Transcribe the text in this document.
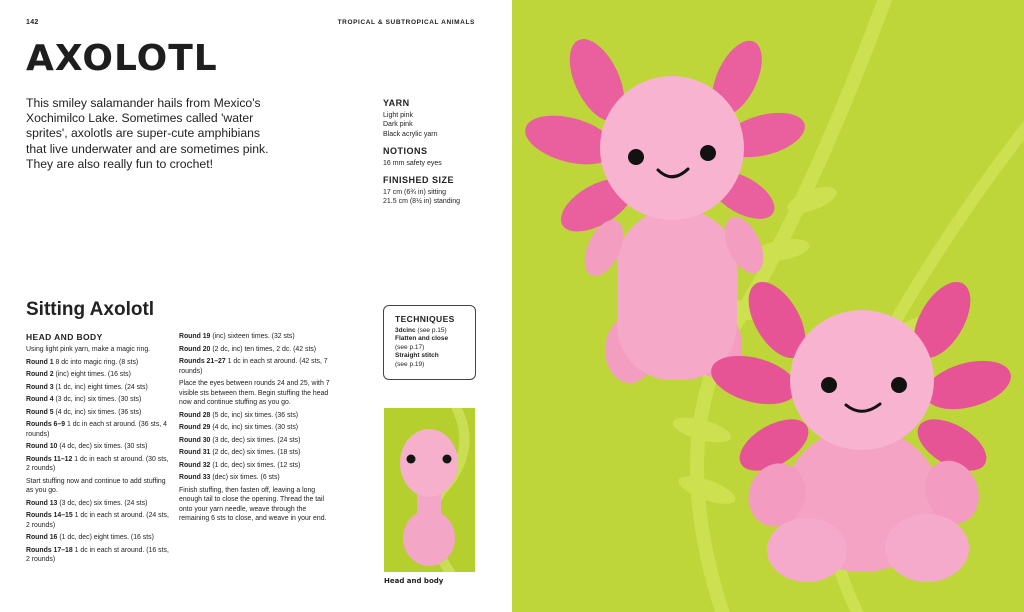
142	TROPICAL & SUBTROPICAL ANIMALS
AXOLOTL
This smiley salamander hails from Mexico's Xochimilco Lake. Sometimes called 'water sprites', axolotls are super-cute amphibians that live underwater and are sometimes pink. They are also really fun to crochet!
YARN
Light pink
Dark pink
Black acrylic yarn
NOTIONS
16 mm safety eyes
FINISHED SIZE
17 cm (6¾ in) sitting
21.5 cm (8½ in) standing
Sitting Axolotl
HEAD AND BODY
Using light pink yarn, make a magic ring.
Round 1 8 dc into magic ring. (8 sts)
Round 2 (inc) eight times. (16 sts)
Round 3 (1 dc, inc) eight times. (24 sts)
Round 4 (3 dc, inc) six times. (30 sts)
Round 5 (4 dc, inc) six times. (36 sts)
Rounds 6–9 1 dc in each st around. (36 sts, 4 rounds)
Round 10 (4 dc, dec) six times. (30 sts)
Rounds 11–12 1 dc in each st around. (30 sts, 2 rounds)
Start stuffing now and continue to add stuffing as you go.
Round 13 (3 dc, dec) six times. (24 sts)
Rounds 14–15 1 dc in each st around. (24 sts, 2 rounds)
Round 16 (1 dc, dec) eight times. (16 sts)
Rounds 17–18 1 dc in each st around. (16 sts, 2 rounds)
Round 19 (inc) sixteen times. (32 sts)
Round 20 (2 dc, inc) ten times, 2 dc. (42 sts)
Rounds 21–27 1 dc in each st around. (42 sts, 7 rounds)
Place the eyes between rounds 24 and 25, with 7 visible sts between them. Begin stuffing the head now and continue stuffing as you go.
Round 28 (5 dc, inc) six times. (36 sts)
Round 29 (4 dc, inc) six times. (30 sts)
Round 30 (3 dc, dec) six times. (24 sts)
Round 31 (2 dc, dec) six times. (18 sts)
Round 32 (1 dc, dec) six times. (12 sts)
Round 33 (dec) six times. (6 sts)
Finish stuffing, then fasten off, leaving a long enough tail to close the opening. Thread the tail onto your yarn needle, weave through the remaining 6 sts to close, and weave in your end.
TECHNIQUES
3dcinc (see p.15)
Flatten and close
(see p.17)
Straight stitch
(see p.19)
Head and body
